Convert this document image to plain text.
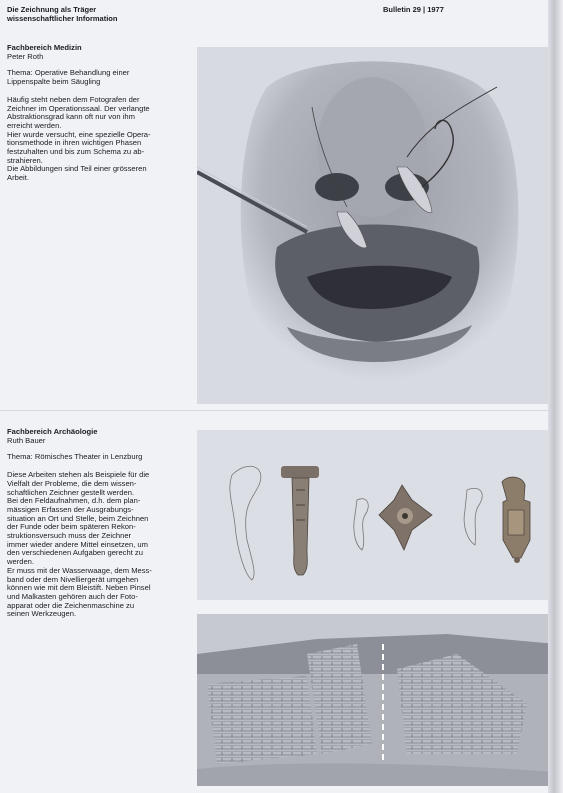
Die Zeichnung als Träger
wissenschaftlicher Information
Bulletin 29 | 1977

Fachbereich Medizin

Peter Roth

Thema: Operative Behandlung einer

Lippenspalte beim Säugling

Häufig steht neben dem Fotografen der

Zeichner im Operationssaal. Der verlangte

Abstraktionsgrad kann oft nur von ihm

erreicht werden.

Hier wurde versucht, eine spezielle Opera-

tionsmethode in ihren wichtigen Phasen

festzuhalten und bis zum Schema zu ab-

strahieren.

Die Abbildungen sind Teil einer grösseren

Arbeit.

Fachbereich Archäologie

Ruth Bauer

Thema: Römisches Theater in Lenzburg

Diese Arbeiten stehen als Beispiele für die

Vielfalt der Probleme, die dem wissen-

schaftlichen Zeichner gestellt werden.

Bei den Feldaufnahmen, d.h. dem plan-

mässigen Erfassen der Ausgrabungs-

situation an Ort und Stelle, beim Zeichnen

der Funde oder beim späteren Rekon-

struktionsversuch muss der Zeichner

immer wieder andere Mittel einsetzen, um

den verschiedenen Aufgaben gerecht zu

werden.

Er muss mit der Wasserwaage, dem Mess-

band oder dem Nivelliergerät umgehen

können wie mit dem Bleistift. Neben Pinsel

und Malkasten gehören auch der Foto-

apparat oder die Zeichenmaschine zu

seinen Werkzeugen.
